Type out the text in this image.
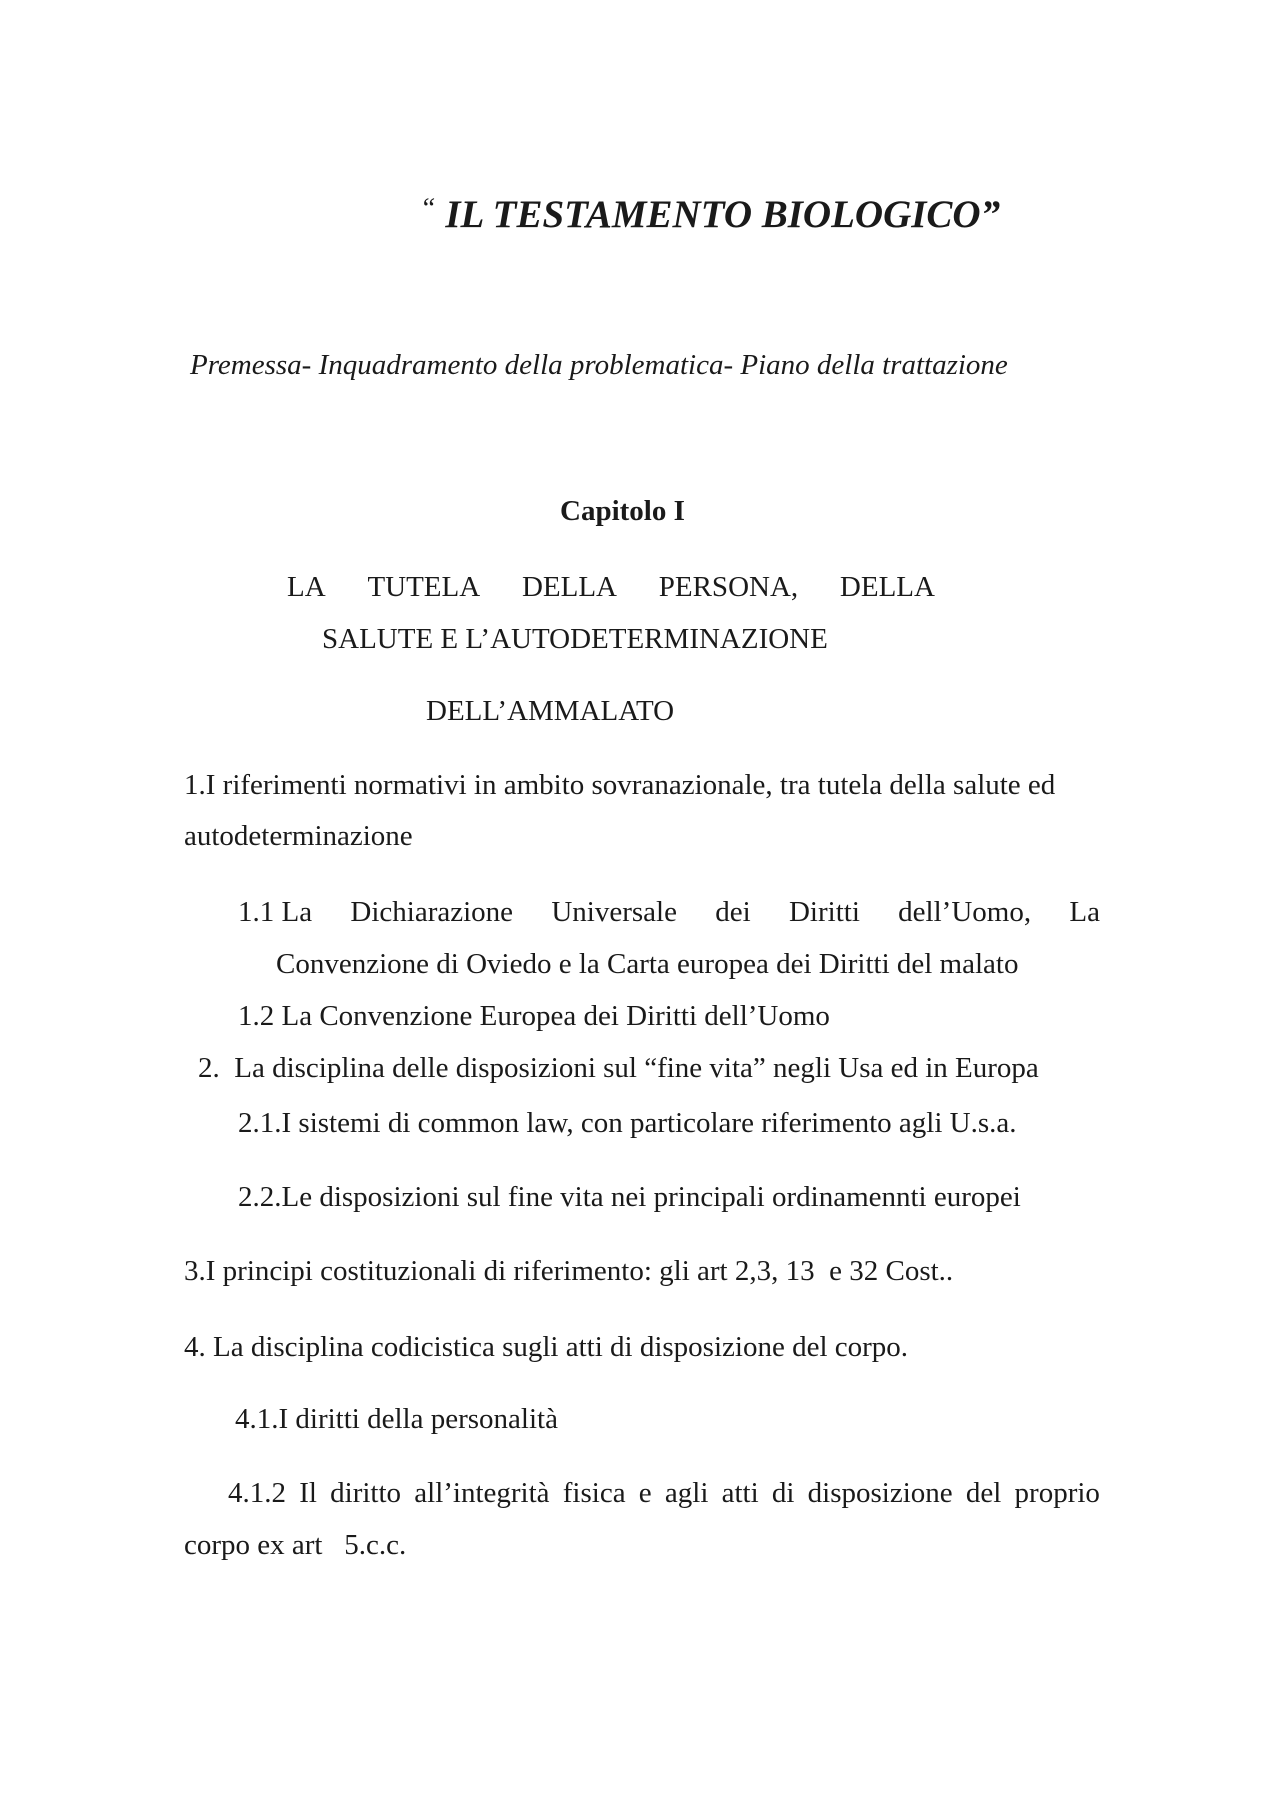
“ IL TESTAMENTO BIOLOGICO”
Premessa- Inquadramento della problematica- Piano della trattazione
Capitolo I
LA TUTELA DELLA PERSONA, DELLA
SALUTE E L’AUTODETERMINAZIONE
DELL’AMMALATO
1.I riferimenti normativi in ambito sovranazionale, tra tutela della salute ed
autodeterminazione
1.1 La Dichiarazione Universale dei Diritti dell’Uomo, La
Convenzione di Oviedo e la Carta europea dei Diritti del malato
1.2 La Convenzione Europea dei Diritti dell’Uomo
2.  La disciplina delle disposizioni sul “fine vita” negli Usa ed in Europa
2.1.I sistemi di common law, con particolare riferimento agli U.s.a.
2.2.Le disposizioni sul fine vita nei principali ordinamennti europei
3.I principi costituzionali di riferimento: gli art 2,3, 13  e 32 Cost..
4. La disciplina codicistica sugli atti di disposizione del corpo.
4.1.I diritti della personalità
4.1.2 Il diritto all’integrità fisica e agli atti di disposizione del proprio
corpo ex art   5.c.c.
